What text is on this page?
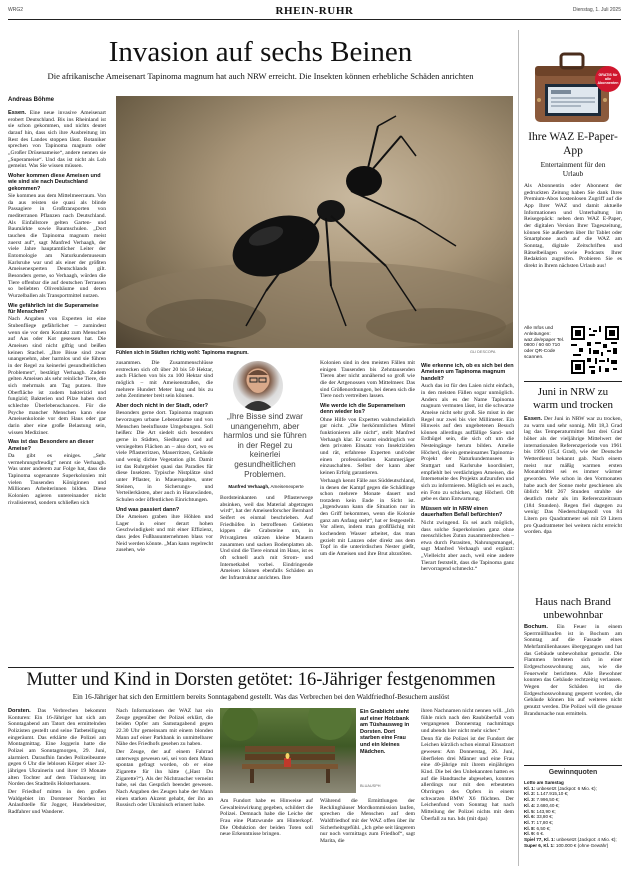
WRG2	RHEIN-RUHR	Dienstag, 1. Juli 2025
Invasion auf sechs Beinen
Die afrikanische Ameisenart Tapinoma magnum hat auch NRW erreicht. Die Insekten können erhebliche Schäden anrichten
Fühlen sich in Städten richtig wohl: Tapinoma magnum.	GLI DESCOPA
Andreas Böhme

Essen. Eine neue invasive Ameisenart erobert Deutschland. Bis ins Rheinland ist sie schon gekommen, und nichts deutet darauf hin, dass sich ihre Ausbreitung im Rest des Landes stoppen lässt. Botaniker sprechen von Tapinoma magnum oder „Großer Drüsenameise“, andere nennen sie „Superameise“. Und das ist nicht als Lob gemeint. Was Sie wissen müssen.

Woher kommen diese Ameisen und wie sind sie nach Deutschland gekommen?

Sie kommen aus dem Mittelmeerraum. Von da aus reisten sie quasi als blinde Passagiere in Großtransporten von mediterranen Pflanzen nach Deutschland. Als Einfallstore gelten Garten- und Baumärkte sowie Baumschulen. „Dort tauchen die Tapinoma magnum meist zuerst auf“, sagt Manfred Verhaagh, der viele Jahre hauptamtlicher Leiter der Entomologie am Naturkundemuseum Karlsruhe war und als einer der größten Ameisenexperten Deutschlands gilt. Besonders gerne, so Verhaagh, würden die Tiere offenbar die auf deutschen Terrassen so beliebten Olivenbäume und deren Wurzelballen als Transportmittel nutzen.

Wie gefährlich ist die Superameise für Menschen?

Nach Angaben von Experten ist eine Stubenfliege gefährlicher – zumindest wenn sie vor dem Kontakt zum Menschen auf Aas oder Kot gesessen hat. Die Ameisen sind nicht giftig und beißen keinen Stachel. „Ihre Bisse sind zwar unangenehm, aber harmlos und sie führen in der Regel zu keinerlei gesundheitlichen Problemen“, bestätigt Verhaagh. Zudem gelten Ameisen als sehr reinliche Tiere, die sich mehrmals am Tag putzen. Ihre Oberfläche ist zudem bakterizid und fungizid; Bakterien und Pilze haben dort schlechte Überlebenschancen. Für die Psyche mancher Menschen kann eine Ameisenkolonie vor dem Haus oder gar darin aber eine große Belastung sein, wissen Mediziner.

Was ist das Besondere an dieser Ameise?

Da gibt es einiges. „Sehr vermehrungsfreudig“ nennt sie Verhaagh. Was unter anderem zur Folge hat, dass die Tapinoma sogenannte Superkolonien mit vielen Tausenden Königinnen und Millionen Arbeiterinnen bilden. Diese Kolonien agieren untereinander nicht rivalisierend, sondern schließen sich

zusammen. Die Zusammenschlüsse erstrecken sich oft über 20 bis 50 Hektar, auch Flächen von bis zu 100 Hektar sind möglich – mit Ameisenstraßen, die mehrere Hundert Meter lang und bis zu zehn Zentimeter breit sein können.

Aber doch nicht in der Stadt, oder?

Besonders gerne dort. Tapinoma magnum bevorzugen urbane Lebensräume und von Menschen beeinflusste Umgebungen. Soll heißen: Die Art siedelt sich besonders gerne in Städten, Siedlungen und auf versiegelten Flächen an – also dort, wo es viele Pflasterritzen, Mauerritzen, Gebäude und wenig dichte Vegetation gibt. Damit ist das Ruhrgebiet quasi das Paradies für diese Insekten. Typische Nistplätze sind unter Pflaster, in Mauerspalten, unter Steinen, in Sicherungs- und Verteilerkästen, aber auch in Hauswänden, Schulen oder öffentlichen Einrichtungen.

Und was passiert dann?

Die Ameisen graben ihre Höhlen und Lager in einer derart hohen Geschwindigkeit und mit einer Effizienz, dass jedes Fußbauunternehmen blass vor Neid werden könnte. „Man kann regelrecht zusehen, wie

„Ihre Bisse sind zwar unangenehm, aber harmlos und sie führen in der Regel zu keinerlei gesundheitlichen Problemen.
Manfred Verhaagh, Ameisenexperte

Bordsteinkanten und Pflasterwege absinken, weil das Material abgetragen wird“, hat der Ameisenforscher Bernhard Seifert es einmal beschrieben. Auf Friedhöfen in betroffenen Gebieten kippen die Grabsteine um, in Privatgärten stürzen kleine Mauern zusammen und sacken Bodenplatten ab. Und sind die Tiere einmal im Haus, ist es oft schnell auch mit Strom- und Internetkabel vorbei. Eindringende Ameisen können ebenfalls Schäden an der Infrastruktur anrichten. Ihre

Kolonien sind in den meisten Fällen mit einigen Tausenden bis Zehntausenden Tieren aber nicht annähernd so groß wie die der Artgenossen vom Mittelmeer. Das sind Größenordnungen, bei denen sich die Tiere noch vertreiben lassen.

Wie werde ich die Superameisen denn wieder los?

Ohne Hilfe von Experten wahrscheinlich gar nicht. „Die herkömmlichen Mittel funktionieren alle nicht“, stellt Manfred Verhaagh klar. Er warnt eindringlich vor dem privaten Einsatz von Insektiziden und rät, erfahrene Experten und/oder einen professionellen Kammerjäger einzuschalten. Selbst der kann aber keinen Erfolg garantieren.

Verhaagh kennt Fälle aus Süddeutschland, in denen der Kampf gegen die Schädlinge schon mehrere Monate dauert und trotzdem kein Ende in Sicht ist. „Irgendwann kann die Situation nur in den Griff bekommen, wenn die Kolonie ganz am Anfang steht“, hat er festgestellt. Vor allem, indem man großflächig mit kochendem Wasser arbeitet, das man gezielt mit Lanzen oder direkt aus dem Topf in die unterirdischen Nester gießt, um die Ameisen und ihre Brut abzutöten.

Wie erkenne ich, ob es sich bei den Ameisen um Tapinoma magnum handelt?

Auch das ist für den Laien nicht einfach, in den meisten Fällen sogar unmöglich. Anders als es der Name Tapinoma magnum vermuten lässt, ist die schwarze Ameise nicht sehr groß. Sie misst in der Regel nur zwei bis vier Millimeter. Ein Hinweis auf den ungebetenen Besuch können allerdings auffällige Sand- und Erdhügel sein, die sich oft um die Nesteingänge herum bilden. Amelie Höcherl, die ein gemeinsames Tapinoma-Projekt der Naturkundemuseen in Stuttgart und Karlsruhe koordiniert, empfiehlt bei verdächtigen Ameisen, die Internetseite des Projekts aufzurufen und sich zu informieren. Möglich sei es auch, ein Foto zu schicken, sagt Höcherl. Oft gebe es dann Entwarnung.

Müssen wir in NRW einen dauerhaften Befall befürchten?

Nicht zwingend. Es sei auch möglich, dass solche Superkolonien ganz ohne menschliches Zutun zusammenbrechen – etwa durch Parasiten, Nahrungsmangel, sagt Manfred Verhaagh und ergänzt: „Vielleicht aber auch, weil eine andere Tierart feststellt, dass die Tapinoma ganz hervorragend schmeckt.“

Mutter und Kind in Dorsten getötet: 16-Jähriger festgenommen
Ein 16-Jähriger hat sich den Ermittlern bereits Sonntagabend gestellt. Was das Verbrechen bei den Waldfriedhof-Besuchern auslöst

Dorsten. Das Verbrechen bekommt Konturen: Ein 16-Jähriger hat sich am Sonntagabend am Tatort den ermittelnden Polizisten gestellt und seine Tatbeteiligung eingeräumt. Das erklärte die Polizei am Montagmittag. Eine Joggerin hatte die Polizei am Sonntagmorgen, 29. Juni, alarmiert. Daraufhin fanden Polizeibeamte gegen 6 Uhr die leblosen Körper einer 32-jährigen Ukrainerin und ihrer 19 Monate alten Tochter auf dem Tüshauweg im Norden des Stadtteils Holsterhausen.

Der Friedhof mitten in den großen Waldgebiet im Dorstener Norden ist Anlaufstelle für Jogger, Hundebesitzer, Radfahrer und Wanderer.

Nach Informationen der WAZ hat ein Zeuge gegenüber der Polizei erklärt, die beiden Opfer am Samstagabend gegen 22.30 Uhr gemeinsam mit einem blonden Mann auf einer Parkbank in unmittelbarer Nähe des Friedhofs gesehen zu haben.

Der Zeuge, der auf einem Fahrrad unterwegs gewesen sei, sei von dem Mann spontan gefragt worden, ob er eine Zigarette für ihn hätte („Hast Du Zigarette?“). Als der Nichtraucher verneint habe, sei das Gespräch beendet gewesen. Nach Angaben des Zeugen habe der Mann einen starken Akzent gehabt, der ihn an Russisch oder Ukrainisch erinnert habe.

Ein Grablicht steht auf einer Holzbank am Tüshausweg in Dorsten. Dort starben eine Frau und ein kleines Mädchen.
BLUAUSPH

Am Fundort habe es Hinweise auf Gewalteinwirkung gegeben, schildert die Polizei. Demnach habe die Leiche der Frau eine Platzwunde am Hinterkopf. Die Obduktion der beiden Toten soll neue Erkenntnisse bringen.

Während die Ermittlungen der Recklinghäuser Mordkommission laufen, sprechen die Menschen auf dem Waldfriedhof mit der WAZ offen über ihr Sicherheitsgefühl. „Ich gehe seit längerem nur noch vormittags zum Friedhof“, sagt Marita, die

ihren Nachnamen nicht nennen will. „Ich fühle mich nach den Raubüberfall vom vergangenen Donnerstag nachmittags und abends hier nicht mehr sicher.“

Denn für die Polizei ist der Fundort der Leichen kürzlich schon einmal Einsatzort gewesen: Am Donnerstag, 26. Juni, überfielen drei Männer und eine Frau eine 40-jährige mit ihrem einjährigen Kind. Die bei den Unbekannten hatten es auf die Handtasche abgesehen, konnten allerdings nur mit den erbeuteten Ohrringen des Opfers in einem schwarzen BMW X6 flüchten. Der Leichenfund vom Sonntag hat nach Mitteilung der Polizei nichts mit dem Überfall zu tun. hds (mit dpa)

GRATIS für alle Abonnenten
Ihre WAZ E-Paper-App
Entertainment für den Urlaub
Als Abonnentin oder Abonnent der gedruckten Zeitung haben Sie dank Ihres Premium-Abos kostenlosen Zugriff auf die App Ihrer WAZ und damit aktuelle Informationen und Unterhaltung im Reisegepäck: neben dem WAZ E-Paper, der digitalen Version Ihrer Tageszeitung, können Sie außerdem über Ihr Tablet oder Smartphone auch auf die WAZ am Sonntag, digitale Zeitschriften und Rätselbeilagen sowie Podcasts Ihrer Redaktion zugreifen. Probieren Sie es direkt in Ihrem nächsten Urlaub aus!
Alle Infos und Anleitungen: waz.de/epaper Tel. 0800 / 60 60 710 oder QR-Code scannen.
Juni in NRW zu warm und trocken
Essen. Der Juni in NRW war zu trocken, zu warm und sehr sonnig. Mit 18,3 Grad lag das Temperaturmittel fast drei Grad höher als der vieljährige Mittelwert der internationalen Referenzperiode von 1961 bis 1990 (15,4 Grad), wie der Deutsche Wetterdienst bekannt gab. Nach einem meist nur mäßig warmen ersten Monatsdrittel sei es immer wärmer geworden. Wie schon in den Vormonaten habe auch der Sonne mehr geschienen als üblich: Mit 267 Stunden strahlte sie deutlich mehr als im Referenzzeitraum (184 Stunden). Regen fiel dagegen zu wenig: Das Niederschlagssoll von 84 Litern pro Quadratmeter sei mit 59 Litern pro Quadratmeter bei weitem nicht erreicht worden. dpa
Haus nach Brand unbewohnbar
Bochum. Ein Feuer in einem Sperrmüllhaufen ist in Bochum am Sonntag auf die Fassade eines Mehrfamilienhauses übergegangen und hat das Gebäude unbewohnbar gemacht. Die Flammen breiteten sich in einer Erdgeschosswohnung aus, wie die Feuerwehr berichtete. Alle Bewohner konnten das Gebäude rechtzeitig verlassen. Wegen der Schäden ist die Erdgeschosswohnung gesperrt worden, die Gebäude können bis auf weiteres nicht genutzt werden. Die Polizei will die genaue Brandursache nun ermitteln.
Gewinnquoten
Lotto am Samstag
Kl. 1: unbesetzt (Jackpot: 6 Mio. €);
Kl. 2: 1.147.915,10 €;
Kl. 3: 7.996,50 €;
Kl. 4: 2.680,40 €;
Kl. 5: 143,90 €;
Kl. 6: 33,80 €;
Kl. 7: 17,80 €;
Kl. 8: 6,50 €;
Kl. 9: 6 €.
Spiel 77, Kl. 1: unbesetzt (Jackpot: 4 Mio. €);
Super 6, Kl. 1: 100.000 € (ohne Gewähr)
